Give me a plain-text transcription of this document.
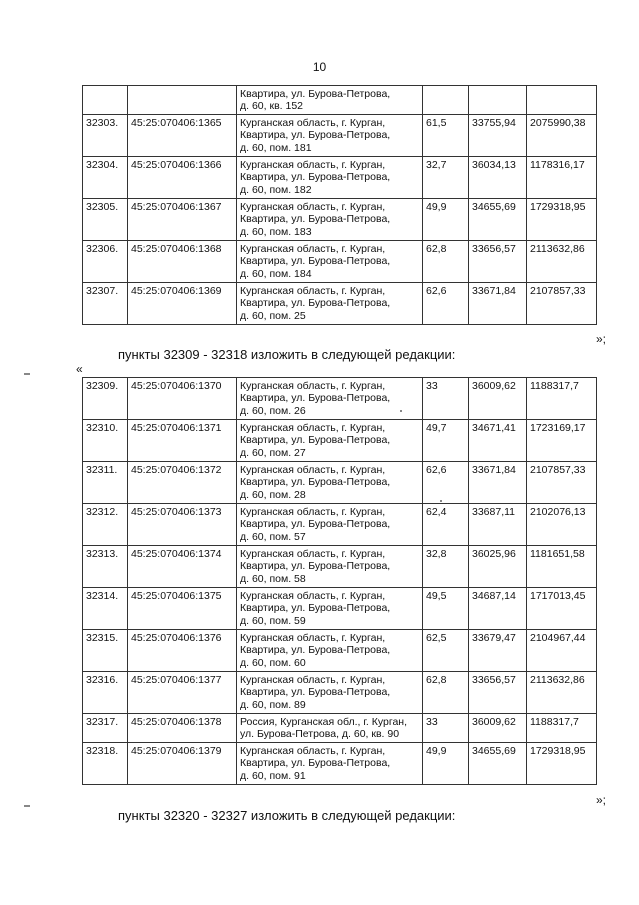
10
		Квартира, ул. Бурова-Петрова,
д. 60, кв. 152			
32303.	45:25:070406:1365	Курганская область, г. Курган,
Квартира, ул. Бурова-Петрова,
д. 60, пом. 181	61,5	33755,94	2075990,38
32304.	45:25:070406:1366	Курганская область, г. Курган,
Квартира, ул. Бурова-Петрова,
д. 60, пом. 182	32,7	36034,13	1178316,17
32305.	45:25:070406:1367	Курганская область, г. Курган,
Квартира, ул. Бурова-Петрова,
д. 60, пом. 183	49,9	34655,69	1729318,95
32306.	45:25:070406:1368	Курганская область, г. Курган,
Квартира, ул. Бурова-Петрова,
д. 60, пом. 184	62,8	33656,57	2113632,86
32307.	45:25:070406:1369	Курганская область, г. Курган,
Квартира, ул. Бурова-Петрова,
д. 60, пом. 25	62,6	33671,84	2107857,33
»;
пункты 32309 - 32318 изложить в следующей редакции:
«
32309.	45:25:070406:1370	Курганская область, г. Курган,
Квартира, ул. Бурова-Петрова,
д. 60, пом. 26	33	36009,62	1188317,7
32310.	45:25:070406:1371	Курганская область, г. Курган,
Квартира, ул. Бурова-Петрова,
д. 60, пом. 27	49,7	34671,41	1723169,17
32311.	45:25:070406:1372	Курганская область, г. Курган,
Квартира, ул. Бурова-Петрова,
д. 60, пом. 28	62,6	33671,84	2107857,33
32312.	45:25:070406:1373	Курганская область, г. Курган,
Квартира, ул. Бурова-Петрова,
д. 60, пом. 57	62,4	33687,11	2102076,13
32313.	45:25:070406:1374	Курганская область, г. Курган,
Квартира, ул. Бурова-Петрова,
д. 60, пом. 58	32,8	36025,96	1181651,58
32314.	45:25:070406:1375	Курганская область, г. Курган,
Квартира, ул. Бурова-Петрова,
д. 60, пом. 59	49,5	34687,14	1717013,45
32315.	45:25:070406:1376	Курганская область, г. Курган,
Квартира, ул. Бурова-Петрова,
д. 60, пом. 60	62,5	33679,47	2104967,44
32316.	45:25:070406:1377	Курганская область, г. Курган,
Квартира, ул. Бурова-Петрова,
д. 60, пом. 89	62,8	33656,57	2113632,86
32317.	45:25:070406:1378	Россия, Курганская обл., г. Курган,
ул. Бурова-Петрова, д. 60, кв. 90	33	36009,62	1188317,7
32318.	45:25:070406:1379	Курганская область, г. Курган,
Квартира, ул. Бурова-Петрова,
д. 60, пом. 91	49,9	34655,69	1729318,95
»;
пункты 32320 - 32327 изложить в следующей редакции:
